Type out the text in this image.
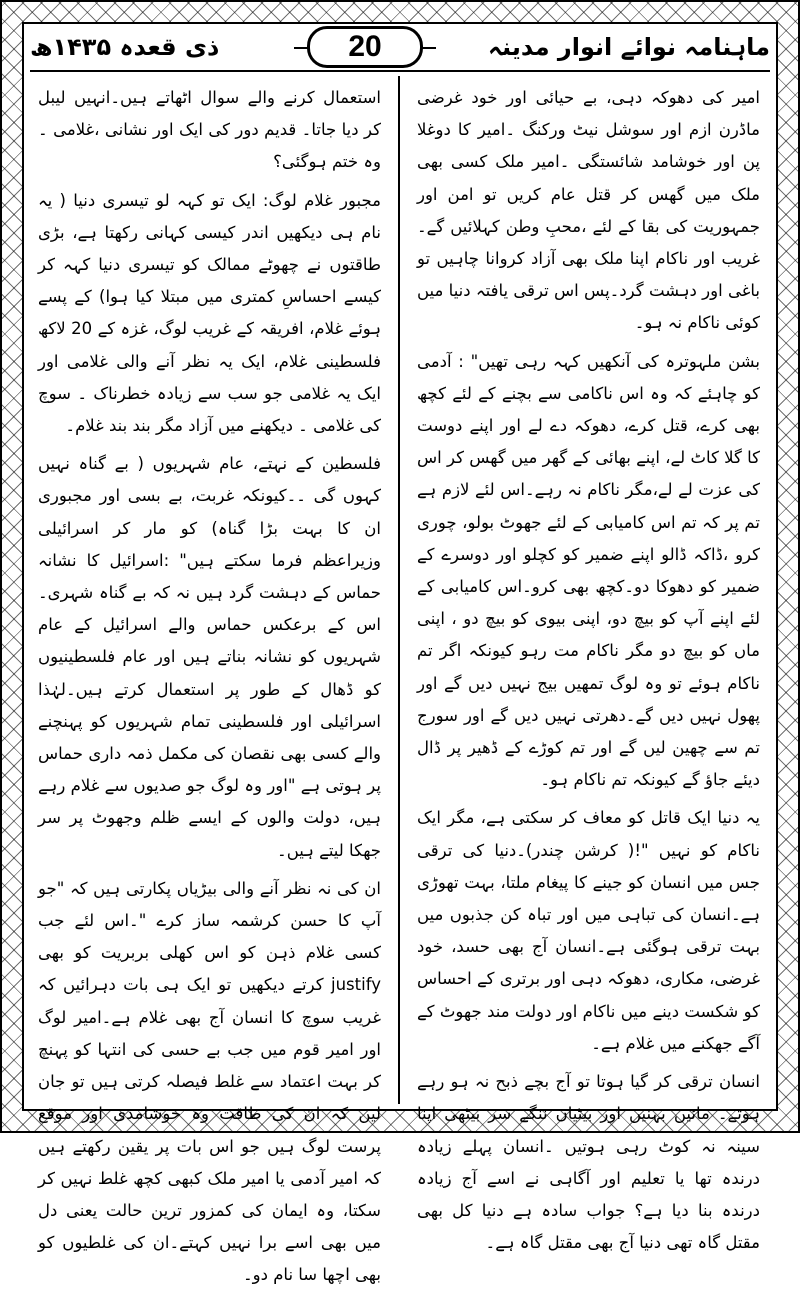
ذی قعدہ ۱۴۳۵ھ	20	ماہنامہ نوائے انوار مدینہ

استعمال کرنے والے سوال اٹھاتے ہیں۔انہیں لیبل کر دیا جاتا۔ قدیم دور کی ایک اور نشانی ،غلامی ۔وہ ختم ہوگئی؟

مجبور غلام لوگ: ایک تو کہہ لو تیسری دنیا ( یہ نام ہی دیکھیں اندر کیسی کہانی رکھتا ہے، بڑی طاقتوں نے چھوٹے ممالک کو تیسری دنیا کہہ کر کیسے احساسِ کمتری میں مبتلا کیا ہوا) کے پسے ہوئے غلام، افریقہ کے غریب لوگ، غزہ کے 20 لاکھ فلسطینی غلام، ایک یہ نظر آنے والی غلامی اور ایک یہ غلامی جو سب سے زیادہ خطرناک ۔ سوچ کی غلامی ۔ دیکھنے میں آزاد مگر بند بند غلام۔

فلسطین کے نہتے، عام شہریوں ( بے گناہ نہیں کہوں گی ۔۔کیونکہ غربت، بے بسی اور مجبوری ان کا بہت بڑا گناہ) کو مار کر اسرائیلی وزیراعظم فرما سکتے ہیں" :اسرائیل کا نشانہ حماس کے دہشت گرد ہیں نہ کہ بے گناہ شہری۔اس کے برعکس حماس والے اسرائیل کے عام شہریوں کو نشانہ بناتے ہیں اور عام فلسطینیوں کو ڈھال کے طور پر استعمال کرتے ہیں۔لہٰذا اسرائیلی اور فلسطینی تمام شہریوں کو پہنچنے والے کسی بھی نقصان کی مکمل ذمہ داری حماس پر ہوتی ہے "اور وہ لوگ جو صدیوں سے غلام رہے ہیں، دولت والوں کے ایسے ظلم وجھوٹ پر سر جھکا لیتے ہیں۔

ان کی نہ نظر آنے والی بیڑیاں پکارتی ہیں کہ "جو آپ کا حسن کرشمہ ساز کرے "۔اس لئے جب کسی غلام ذہن کو اس کھلی بربریت کو بھی justify کرتے دیکھیں تو ایک ہی بات دہرائیں کہ غریب سوچ کا انسان آج بھی غلام ہے۔امیر لوگ اور امیر قوم میں جب بے حسی کی انتہا کو پہنچ کر بہت اعتماد سے غلط فیصلہ کرتی ہیں تو جان لیں کہ ان کی طاقت وہ خوشامدی اور موقع پرست لوگ ہیں جو اس بات پر یقین رکھتے ہیں کہ امیر آدمی یا امیر ملک کبھی کچھ غلط نہیں کر سکتا، وہ ایمان کی کمزور ترین حالت یعنی دل میں بھی اسے برا نہیں کہتے۔ان کی غلطیوں کو بھی اچھا سا نام دو۔

امیر کی دھوکہ دہی، بے حیائی اور خود غرضی ماڈرن ازم اور سوشل نیٹ ورکنگ ۔امیر کا دوغلا پن اور خوشامد شائستگی ۔امیر ملک کسی بھی ملک میں گھس کر قتل عام کریں تو امن اور جمہوریت کی بقا کے لئے ،محبِ وطن کہلائیں گے۔غریب اور ناکام اپنا ملک بھی آزاد کروانا چاہیں تو باغی اور دہشت گرد۔پس اس ترقی یافتہ دنیا میں کوئی ناکام نہ ہو۔

بشن ملہوترہ کی آنکھیں کہہ رہی تھیں" : آدمی کو چاہئے کہ وہ اس ناکامی سے بچنے کے لئے کچھ بھی کرے، قتل کرے، دھوکہ دے لے اور اپنے دوست کا گلا کاٹ لے، اپنے بھائی کے گھر میں گھس کر اس کی عزت لے لے،مگر ناکام نہ رہے۔اس لئے لازم ہے تم پر کہ تم اس کامیابی کے لئے جھوٹ بولو، چوری کرو ،ڈاکہ ڈالو اپنے ضمیر کو کچلو اور دوسرے کے ضمیر کو دھوکا دو۔کچھ بھی کرو۔اس کامیابی کے لئے اپنے آپ کو بیچ دو، اپنی بیوی کو بیچ دو ، اپنی ماں کو بیچ دو مگر ناکام مت رہو کیونکہ اگر تم ناکام ہوئے تو وہ لوگ تمھیں بیج نہیں دیں گے اور پھول نہیں دیں گے۔دھرتی نہیں دیں گے اور سورج تم سے چھین لیں گے اور تم کوڑے کے ڈھیر پر ڈال دیئے جاؤ گے کیونکہ تم ناکام ہو۔

یہ دنیا ایک قاتل کو معاف کر سکتی ہے، مگر ایک ناکام کو نہیں "!( کرشن چندر)۔دنیا کی ترقی جس میں انسان کو جینے کا پیغام ملتا، بہت تھوڑی ہے۔انسان کی تباہی میں اور تباہ کن جذبوں میں بہت ترقی ہوگئی ہے۔انسان آج بھی حسد، خود غرضی، مکاری، دھوکہ دہی اور برتری کے احساس کو شکست دینے میں ناکام اور دولت مند جھوٹ کے آگے جھکنے میں غلام ہے۔

انسان ترقی کر گیا ہوتا تو آج بچے ذبح نہ ہو رہے ہوتے۔ مائیں بہنیں اور بیٹیاں ننگے سر بیٹھی اپنا سینہ نہ کوٹ رہی ہوتیں ۔انسان پہلے زیادہ درندہ تھا یا تعلیم اور آگاہی نے اسے آج زیادہ درندہ بنا دیا ہے؟ جواب سادہ ہے دنیا کل بھی مقتل گاہ تھی دنیا آج بھی مقتل گاہ ہے۔
